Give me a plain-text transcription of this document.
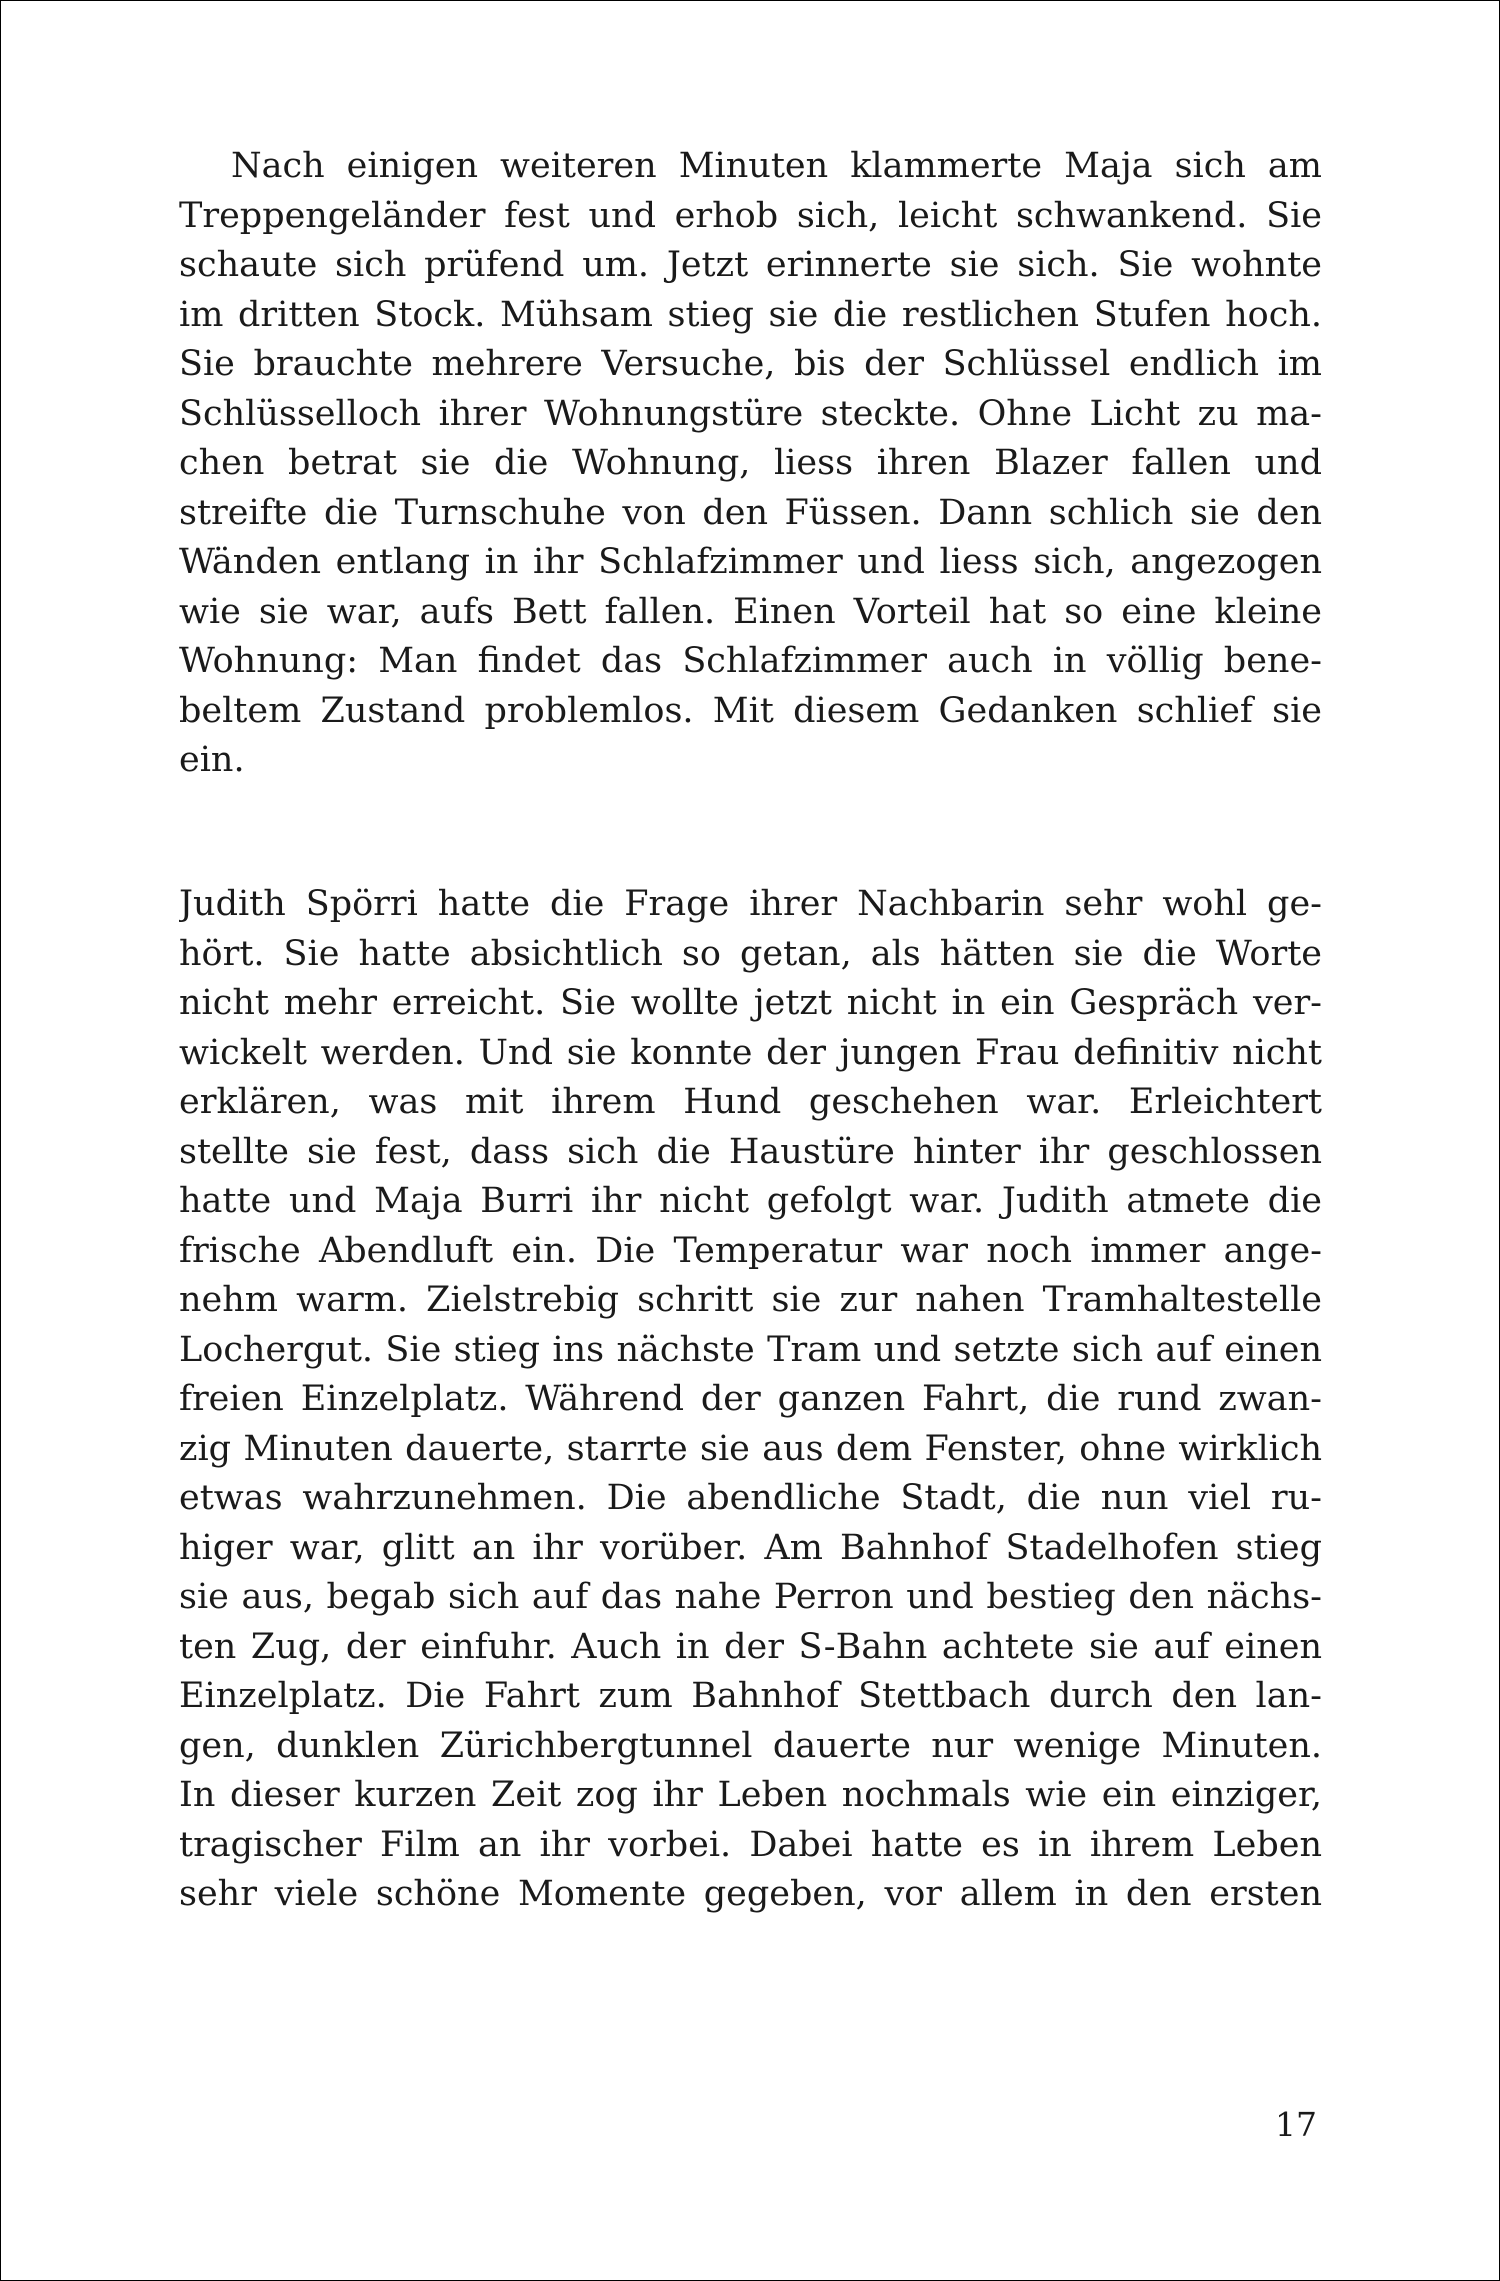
Nach einigen weiteren Minuten klammerte Maja sich am
Treppengeländer fest und erhob sich, leicht schwankend. Sie
schaute sich prüfend um. Jetzt erinnerte sie sich. Sie wohnte
im dritten Stock. Mühsam stieg sie die restlichen Stufen hoch.
Sie brauchte mehrere Versuche, bis der Schlüssel endlich im
Schlüsselloch ihrer Wohnungstüre steckte. Ohne Licht zu ma-
chen betrat sie die Wohnung, liess ihren Blazer fallen und
streifte die Turnschuhe von den Füssen. Dann schlich sie den
Wänden entlang in ihr Schlafzimmer und liess sich, angezogen
wie sie war, aufs Bett fallen. Einen Vorteil hat so eine kleine
Wohnung: Man findet das Schlafzimmer auch in völlig bene-
beltem Zustand problemlos. Mit diesem Gedanken schlief sie
ein.
Judith Spörri hatte die Frage ihrer Nachbarin sehr wohl ge-
hört. Sie hatte absichtlich so getan, als hätten sie die Worte
nicht mehr erreicht. Sie wollte jetzt nicht in ein Gespräch ver-
wickelt werden. Und sie konnte der jungen Frau definitiv nicht
erklären, was mit ihrem Hund geschehen war. Erleichtert
stellte sie fest, dass sich die Haustüre hinter ihr geschlossen
hatte und Maja Burri ihr nicht gefolgt war. Judith atmete die
frische Abendluft ein. Die Temperatur war noch immer ange-
nehm warm. Zielstrebig schritt sie zur nahen Tramhaltestelle
Lochergut. Sie stieg ins nächste Tram und setzte sich auf einen
freien Einzelplatz. Während der ganzen Fahrt, die rund zwan-
zig Minuten dauerte, starrte sie aus dem Fenster, ohne wirklich
etwas wahrzunehmen. Die abendliche Stadt, die nun viel ru-
higer war, glitt an ihr vorüber. Am Bahnhof Stadelhofen stieg
sie aus, begab sich auf das nahe Perron und bestieg den nächs-
ten Zug, der einfuhr. Auch in der S-Bahn achtete sie auf einen
Einzelplatz. Die Fahrt zum Bahnhof Stettbach durch den lan-
gen, dunklen Zürichbergtunnel dauerte nur wenige Minuten.
In dieser kurzen Zeit zog ihr Leben nochmals wie ein einziger,
tragischer Film an ihr vorbei. Dabei hatte es in ihrem Leben
sehr viele schöne Momente gegeben, vor allem in den ersten
17
